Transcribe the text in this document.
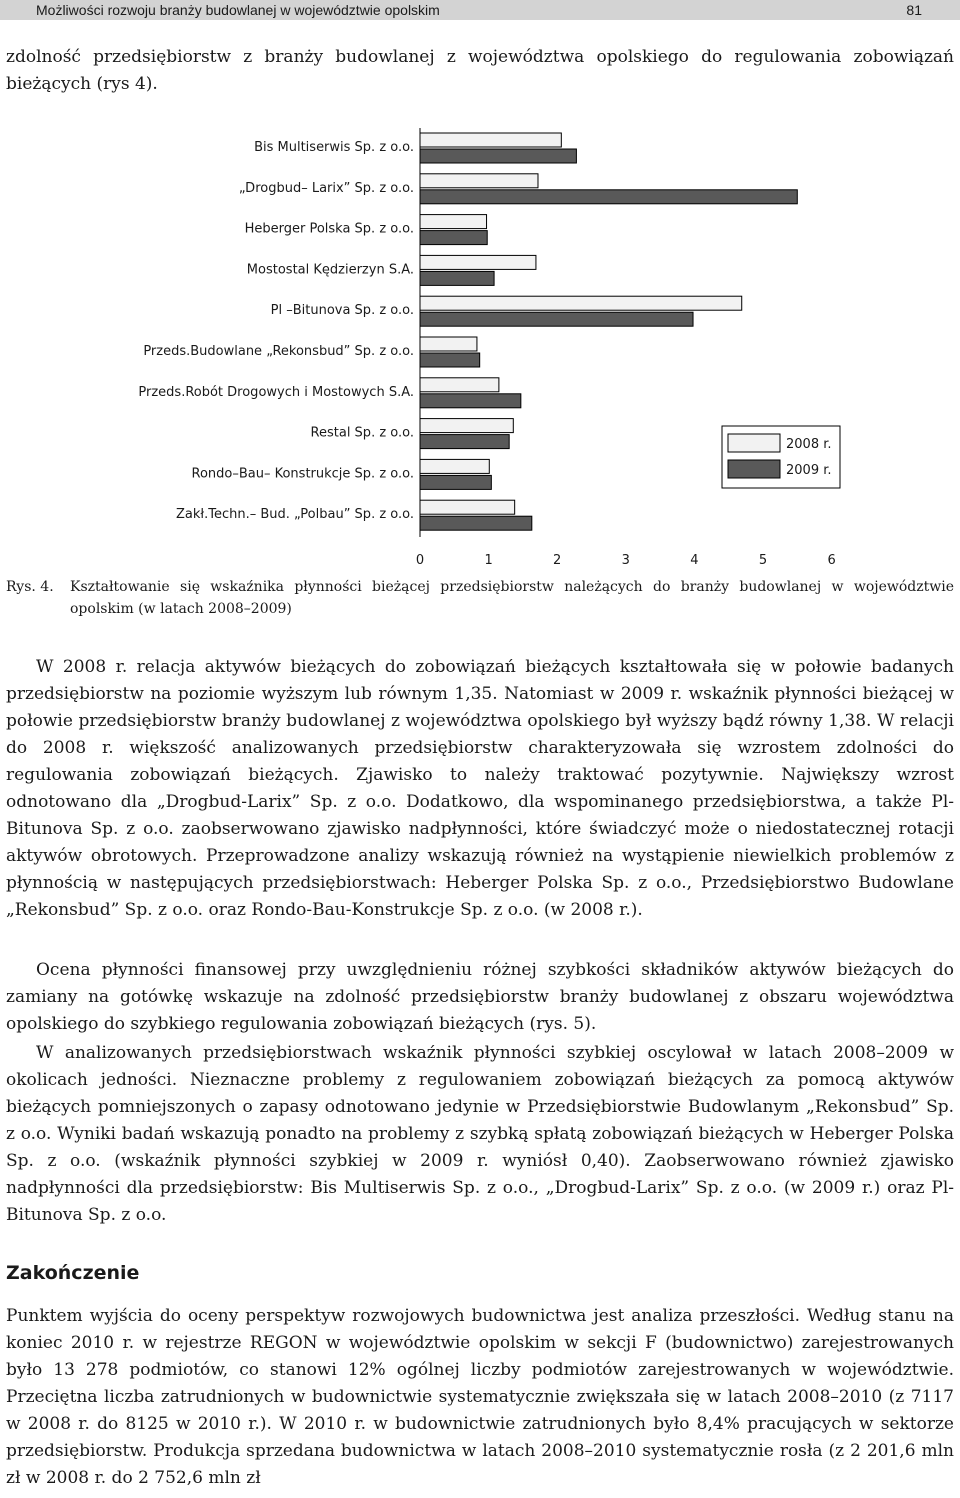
Możliwości rozwoju branży budowlanej w województwie opolskim	81

zdolność przedsiębiorstw z branży budowlanej z województwa opolskiego do regulowania zobowiązań bieżących (rys 4).

Bis Multiserwis Sp. z o.o.
„Drogbud– Larix” Sp. z o.o.
Heberger Polska Sp. z o.o.
Mostostal Kędzierzyn S.A.
Pl –Bitunova Sp. z o.o.
Przeds.Budowlane „Rekonsbud” Sp. z o.o.
Przeds.Robót Drogowych i Mostowych S.A.
Restal Sp. z o.o.
Rondo–Bau– Konstrukcje Sp. z o.o.
Zakł.Techn.– Bud. „Polbau” Sp. z o.o.
0	1	2	3	4	5	6
2008 r.
2009 r.
Rys. 4. Kształtowanie się wskaźnika płynności bieżącej przedsiębiorstw należących do branży budowlanej w województwie opolskim (w latach 2008–2009)

W 2008 r. relacja aktywów bieżących do zobowiązań bieżących kształtowała się w połowie badanych przedsiębiorstw na poziomie wyższym lub równym 1,35. Natomiast w 2009 r. wskaźnik płynności bieżącej w połowie przedsiębiorstw branży budowlanej z województwa opolskiego był wyższy bądź równy 1,38. W relacji do 2008 r. większość analizowanych przedsiębiorstw charakteryzowała się wzrostem zdolności do regulowania zobowiązań bieżących. Zjawisko to należy traktować pozytywnie. Największy wzrost odnotowano dla „Drogbud-Larix” Sp. z o.o. Dodatkowo, dla wspominanego przedsiębiorstwa, a także Pl-Bitunova Sp. z o.o. zaobserwowano zjawisko nadpłynności, które świadczyć może o niedostatecznej rotacji aktywów obrotowych. Przeprowadzone analizy wskazują również na wystąpienie niewielkich problemów z płynnością w następujących przedsiębiorstwach: Heberger Polska Sp. z o.o., Przedsiębiorstwo Budowlane „Rekonsbud” Sp. z o.o. oraz Rondo-Bau-Konstrukcje Sp. z o.o. (w 2008 r.).

Ocena płynności finansowej przy uwzględnieniu różnej szybkości składników aktywów bieżących do zamiany na gotówkę wskazuje na zdolność przedsiębiorstw branży budowlanej z obszaru województwa opolskiego do szybkiego regulowania zobowiązań bieżących (rys. 5).

W analizowanych przedsiębiorstwach wskaźnik płynności szybkiej oscylował w latach 2008–2009 w okolicach jedności. Nieznaczne problemy z regulowaniem zobowiązań bieżących za pomocą aktywów bieżących pomniejszonych o zapasy odnotowano jedynie w Przedsiębiorstwie Budowlanym „Rekonsbud” Sp. z o.o. Wyniki badań wskazują ponadto na problemy z szybką spłatą zobowiązań bieżących w Heberger Polska Sp. z o.o. (wskaźnik płynności szybkiej w 2009 r. wyniósł 0,40). Zaobserwowano również zjawisko nadpłynności dla przedsiębiorstw: Bis Multiserwis Sp. z o.o., „Drogbud-Larix” Sp. z o.o. (w 2009 r.) oraz Pl-Bitunova Sp. z o.o.

Zakończenie

Punktem wyjścia do oceny perspektyw rozwojowych budownictwa jest analiza przeszłości. Według stanu na koniec 2010 r. w rejestrze REGON w województwie opolskim w sekcji F (budownictwo) zarejestrowanych było 13 278 podmiotów, co stanowi 12% ogólnej liczby podmiotów zarejestrowanych w województwie. Przeciętna liczba zatrudnionych w budownictwie systematycznie zwiększała się w latach 2008–2010 (z 7117 w 2008 r. do 8125 w 2010 r.). W 2010 r. w budownictwie zatrudnionych było 8,4% pracujących w sektorze przedsiębiorstw. Produkcja sprzedana budownictwa w latach 2008–2010 systematycznie rosła (z 2 201,6 mln zł w 2008 r. do 2 752,6 mln zł
